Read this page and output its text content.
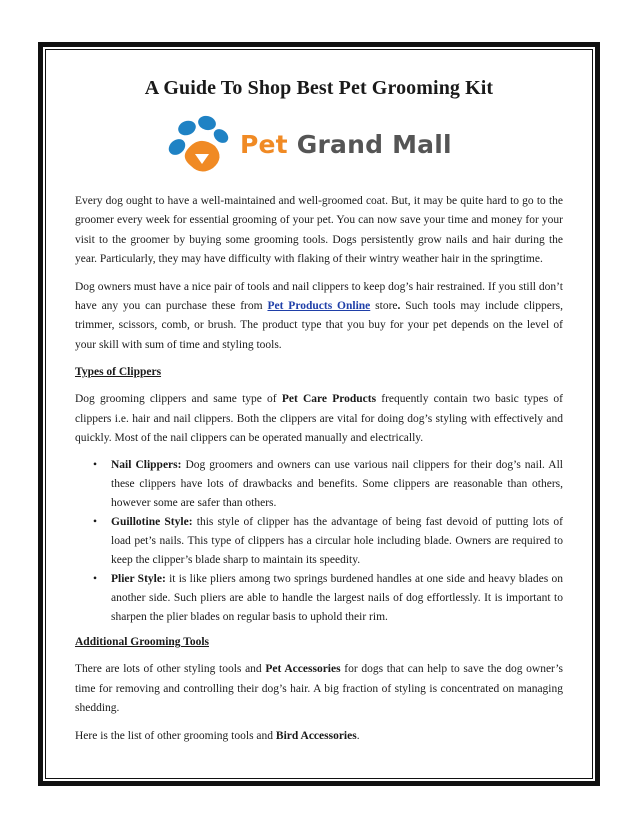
A Guide To Shop Best Pet Grooming Kit
Pet Grand Mall

Every dog ought to have a well-maintained and well-groomed coat. But, it may be quite hard to go to the groomer every week for essential grooming of your pet. You can now save your time and money for your visit to the groomer by buying some grooming tools. Dogs persistently grow nails and hair during the year. Particularly, they may have difficulty with flaking of their wintry weather hair in the springtime.

Dog owners must have a nice pair of tools and nail clippers to keep dog’s hair restrained. If you still don’t have any you can purchase these from Pet Products Online store. Such tools may include clippers, trimmer, scissors, comb, or brush. The product type that you buy for your pet depends on the level of your skill with sum of time and styling tools.

Types of Clippers

Dog grooming clippers and same type of Pet Care Products frequently contain two basic types of clippers i.e. hair and nail clippers. Both the clippers are vital for doing dog’s styling with effectively and quickly. Most of the nail clippers can be operated manually and electrically.

• Nail Clippers: Dog groomers and owners can use various nail clippers for their dog’s nail. All these clippers have lots of drawbacks and benefits. Some clippers are reasonable than others, however some are safer than others.
• Guillotine Style: this style of clipper has the advantage of being fast devoid of putting lots of load pet’s nails. This type of clippers has a circular hole including blade. Owners are required to keep the clipper’s blade sharp to maintain its speedity.
• Plier Style: it is like pliers among two springs burdened handles at one side and heavy blades on another side. Such pliers are able to handle the largest nails of dog effortlessly. It is important to sharpen the plier blades on regular basis to uphold their rim.
Additional Grooming Tools

There are lots of other styling tools and Pet Accessories for dogs that can help to save the dog owner’s time for removing and controlling their dog’s hair. A big fraction of styling is concentrated on managing shedding.

Here is the list of other grooming tools and Bird Accessories.
